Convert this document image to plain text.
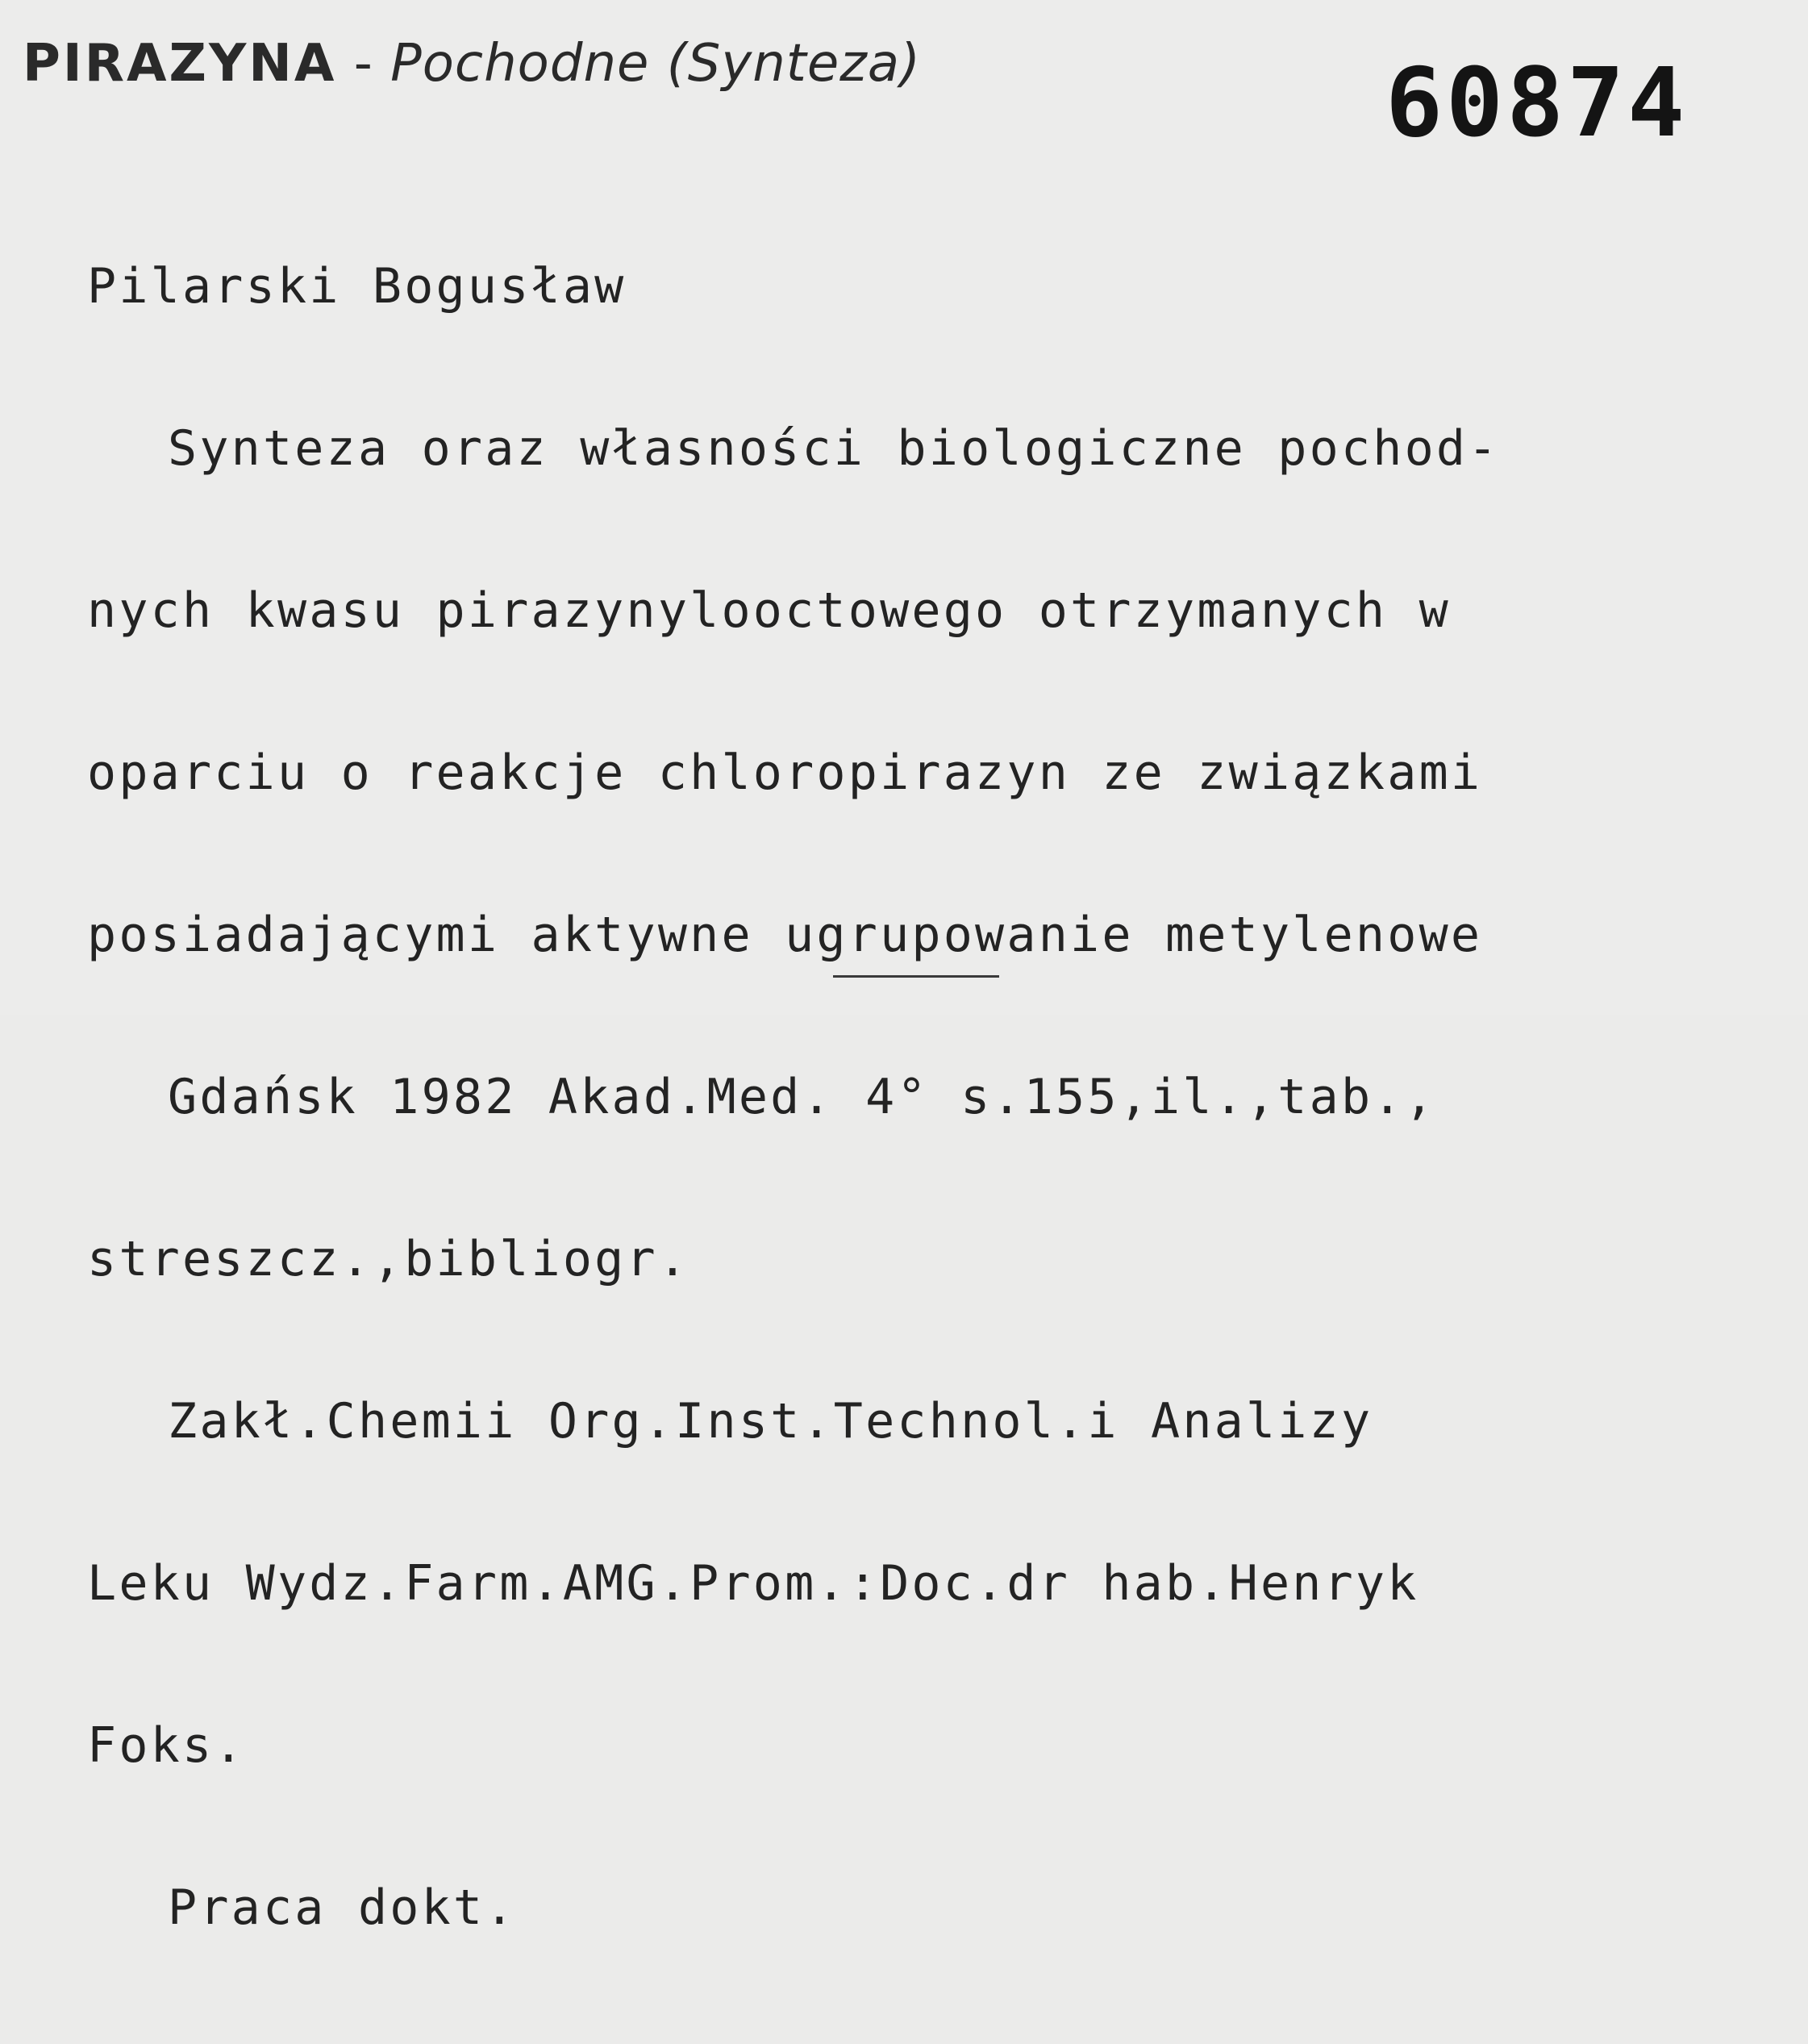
PIRAZYNA - Pochodne (Synteza)	60874

Pilarski Bogusław

Synteza oraz własności biologiczne pochod-

nych kwasu pirazynylooctowego otrzymanych w

oparciu o reakcje chloropirazyn ze związkami

posiadającymi aktywne ugrupowanie metylenowe

Gdańsk 1982 Akad.Med. 4° s.155,il.,tab.,

streszcz.,bibliogr.

Zakł.Chemii Org.Inst.Technol.i Analizy

Leku Wydz.Farm.AMG.Prom.:Doc.dr hab.Henryk

Foks.

Praca dokt.
